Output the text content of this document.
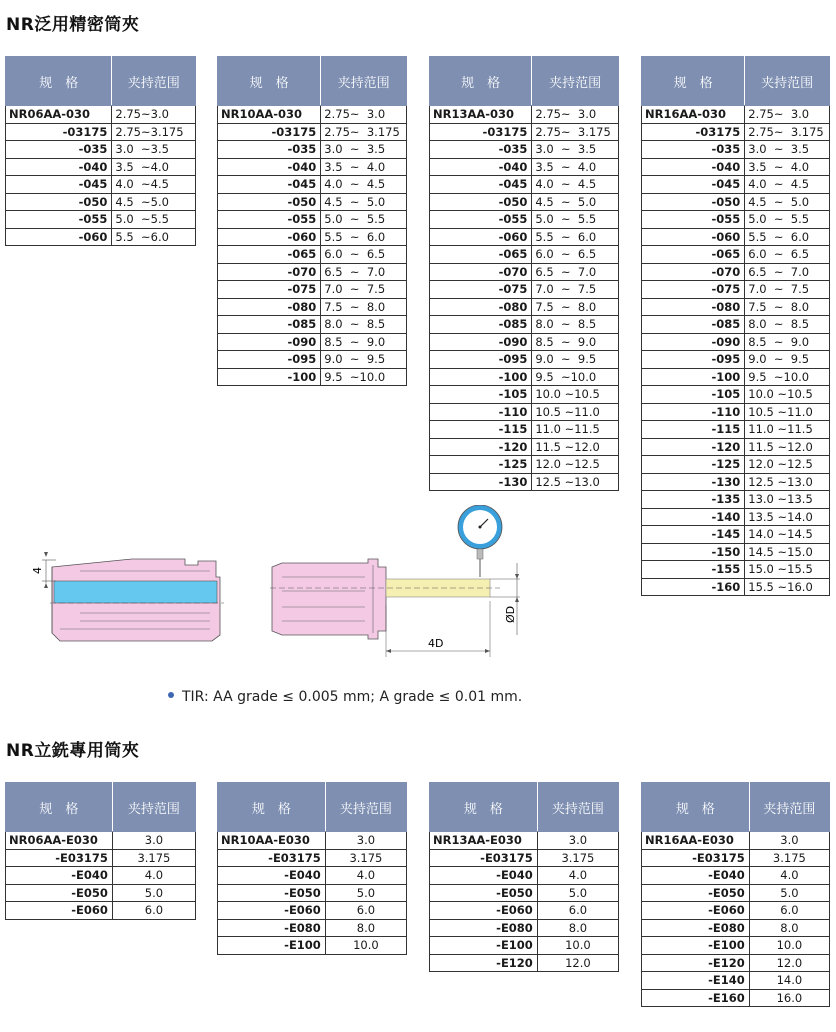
NR泛用精密筒夾
规　格	夹持范围
NR06AA-030	2.75~3.0
-03175	2.75~3.175
-035	3.0  ~3.5
-040	3.5  ~4.0
-045	4.0  ~4.5
-050	4.5  ~5.0
-055	5.0  ~5.5
-060	5.5  ~6.0
规　格	夹持范围
NR10AA-030	2.75~  3.0
-03175	2.75~  3.175
-035	3.0  ~  3.5
-040	3.5  ~  4.0
-045	4.0  ~  4.5
-050	4.5  ~  5.0
-055	5.0  ~  5.5
-060	5.5  ~  6.0
-065	6.0  ~  6.5
-070	6.5  ~  7.0
-075	7.0  ~  7.5
-080	7.5  ~  8.0
-085	8.0  ~  8.5
-090	8.5  ~  9.0
-095	9.0  ~  9.5
-100	9.5  ~10.0
规　格	夹持范围
NR13AA-030	2.75~  3.0
-03175	2.75~  3.175
-035	3.0  ~  3.5
-040	3.5  ~  4.0
-045	4.0  ~  4.5
-050	4.5  ~  5.0
-055	5.0  ~  5.5
-060	5.5  ~  6.0
-065	6.0  ~  6.5
-070	6.5  ~  7.0
-075	7.0  ~  7.5
-080	7.5  ~  8.0
-085	8.0  ~  8.5
-090	8.5  ~  9.0
-095	9.0  ~  9.5
-100	9.5  ~10.0
-105	10.0 ~10.5
-110	10.5 ~11.0
-115	11.0 ~11.5
-120	11.5 ~12.0
-125	12.0 ~12.5
-130	12.5 ~13.0
规　格	夹持范围
NR16AA-030	2.75~  3.0
-03175	2.75~  3.175
-035	3.0  ~  3.5
-040	3.5  ~  4.0
-045	4.0  ~  4.5
-050	4.5  ~  5.0
-055	5.0  ~  5.5
-060	5.5  ~  6.0
-065	6.0  ~  6.5
-070	6.5  ~  7.0
-075	7.0  ~  7.5
-080	7.5  ~  8.0
-085	8.0  ~  8.5
-090	8.5  ~  9.0
-095	9.0  ~  9.5
-100	9.5  ~10.0
-105	10.0 ~10.5
-110	10.5 ~11.0
-115	11.0 ~11.5
-120	11.5 ~12.0
-125	12.0 ~12.5
-130	12.5 ~13.0
-135	13.0 ~13.5
-140	13.5 ~14.0
-145	14.0 ~14.5
-150	14.5 ~15.0
-155	15.0 ~15.5
-160	15.5 ~16.0
4
ØD
4D
TIR: AA grade ≤ 0.005 mm; A grade ≤ 0.01 mm.
NR立銑專用筒夾
规　格	夹持范围
NR06AA-E030	3.0
-E03175	3.175
-E040	4.0
-E050	5.0
-E060	6.0
规　格	夹持范围
NR10AA-E030	3.0
-E03175	3.175
-E040	4.0
-E050	5.0
-E060	6.0
-E080	8.0
-E100	10.0
规　格	夹持范围
NR13AA-E030	3.0
-E03175	3.175
-E040	4.0
-E050	5.0
-E060	6.0
-E080	8.0
-E100	10.0
-E120	12.0
规　格	夹持范围
NR16AA-E030	3.0
-E03175	3.175
-E040	4.0
-E050	5.0
-E060	6.0
-E080	8.0
-E100	10.0
-E120	12.0
-E140	14.0
-E160	16.0
